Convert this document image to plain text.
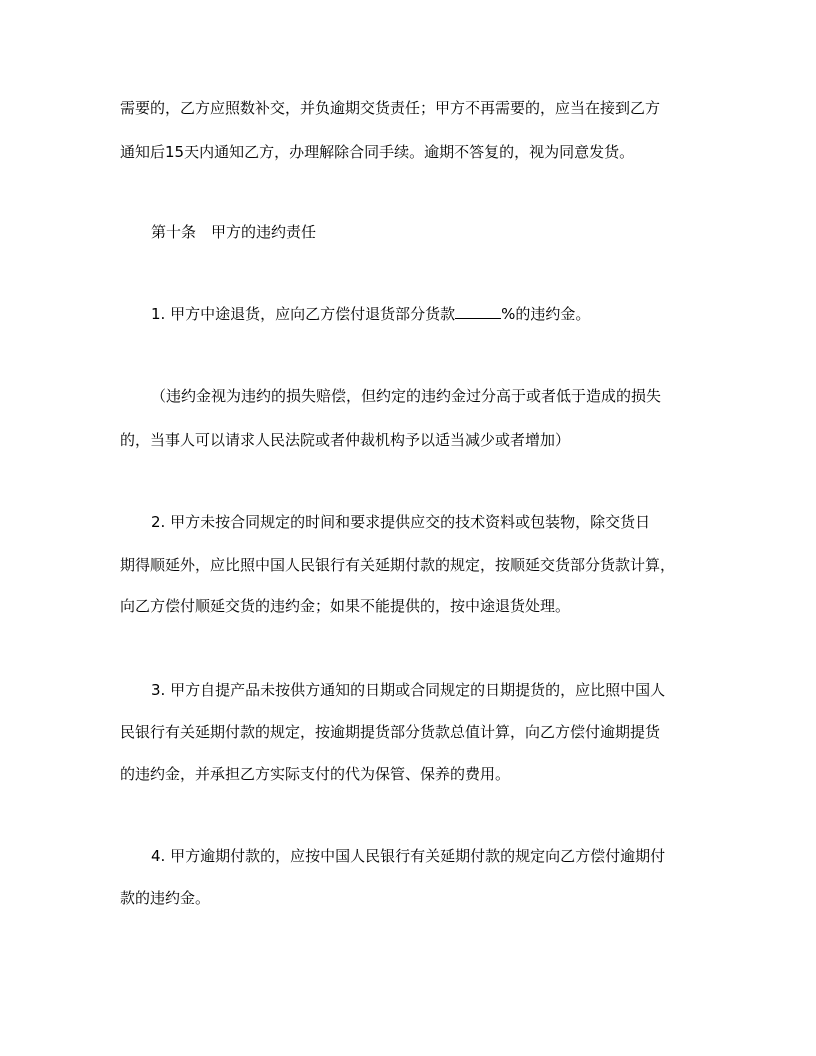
需要的，乙方应照数补交，并负逾期交货责任；甲方不再需要的，应当在接到乙方

通知后15天内通知乙方，办理解除合同手续。逾期不答复的，视为同意发货。

第十条　甲方的违约责任

1. 甲方中途退货，应向乙方偿付退货部分货款	%的违约金。

（违约金视为违约的损失赔偿，但约定的违约金过分高于或者低于造成的损失

的，当事人可以请求人民法院或者仲裁机构予以适当减少或者增加）

2. 甲方未按合同规定的时间和要求提供应交的技术资料或包装物，除交货日

期得顺延外，应比照中国人民银行有关延期付款的规定，按顺延交货部分货款计算，

向乙方偿付顺延交货的违约金；如果不能提供的，按中途退货处理。

3. 甲方自提产品未按供方通知的日期或合同规定的日期提货的，应比照中国人

民银行有关延期付款的规定，按逾期提货部分货款总值计算，向乙方偿付逾期提货

的违约金，并承担乙方实际支付的代为保管、保养的费用。

4. 甲方逾期付款的，应按中国人民银行有关延期付款的规定向乙方偿付逾期付

款的违约金。
